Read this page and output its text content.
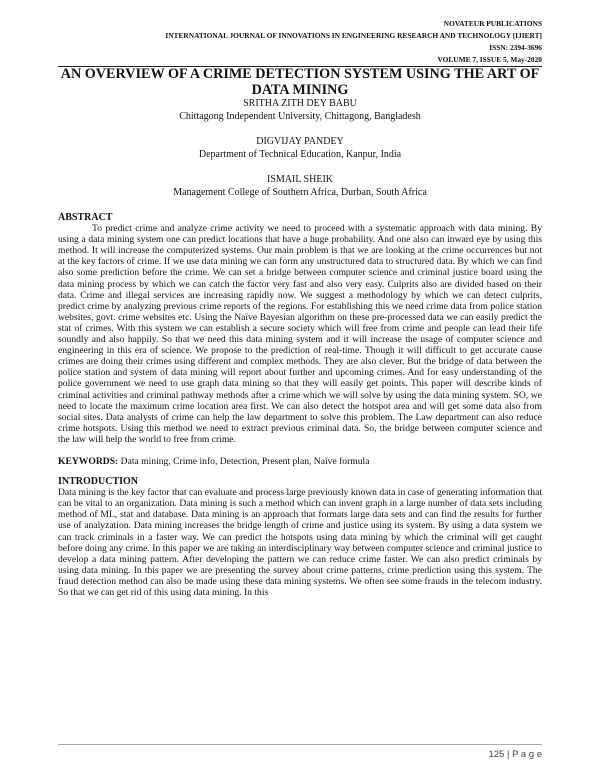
NOVATEUR PUBLICATIONS
INTERNATIONAL JOURNAL OF INNOVATIONS IN ENGINEERING RESEARCH AND TECHNOLOGY [IJIERT]
ISSN: 2394-3696
VOLUME 7, ISSUE 5, May-2020
AN OVERVIEW OF A CRIME DETECTION SYSTEM USING THE ART OF DATA MINING
SRITHA ZITH DEY BABU
Chittagong Independent University, Chittagong, Bangladesh
DIGVIJAY PANDEY
Department of Technical Education, Kanpur, India
ISMAIL SHEIK
Management College of Southern Africa, Durban, South Africa
ABSTRACT

To predict crime and analyze crime activity we need to proceed with a systematic approach with data mining. By using a data mining system one can predict locations that have a huge probability. And one also can inward eye by using this method. It will increase the computerized systems. Our main problem is that we are looking at the crime occurrences but not at the key factors of crime. If we use data mining we can form any unstructured data to structured data. By which we can find also some prediction before the crime. We can set a bridge between computer science and criminal justice board using the data mining process by which we can catch the factor very fast and also very easy. Culprits also are divided based on their data. Crime and illegal services are increasing rapidly now. We suggest a methodology by which we can detect culprits, predict crime by analyzing previous crime reports of the regions. For establishing this we need crime data from police station websites, govt. crime websites etc. Using the Naïve Bayesian algorithm on these pre-processed data we can easily predict the stat of crimes. With this system we can establish a secure society which will free from crime and people can lead their life soundly and also happily. So that we need this data mining system and it will increase the usage of computer science and engineering in this era of science. We propose to the prediction of real-time. Though it will difficult to get accurate cause crimes are doing their crimes using different and complex methods. They are also clever. But the bridge of data between the police station and system of data mining will report about further and upcoming crimes. And for easy understanding of the police government we need to use graph data mining so that they will easily get points. This paper will describe kinds of criminal activities and criminal pathway methods after a crime which we will solve by using the data mining system. SO, we need to locate the maximum crime location area first. We can also detect the hotspot area and will get some data also from social sites. Data analysts of crime can help the law department to solve this problem. The Law department can also reduce crime hotspots. Using this method we need to extract previous criminal data. So, the bridge between computer science and the law will help the world to free from crime.

KEYWORDS: Data mining, Crime info, Detection, Present plan, Naïve formula
INTRODUCTION

Data mining is the key factor that can evaluate and process large previously known data in case of generating information that can be vital to an organization. Data mining is such a method which can invent graph in a large number of data sets including method of ML, stat and database. Data mining is an approach that formats large data sets and can find the results for further use of analyzation. Data mining increases the bridge length of crime and justice using its system. By using a data system we can track criminals in a faster way. We can predict the hotspots using data mining by which the criminal will get caught before doing any crime. In this paper we are taking an interdisciplinary way between computer science and criminal justice to develop a data mining pattern. After developing the pattern we can reduce crime faster. We can also predict criminals by using data mining. In this paper we are presenting the survey about crime patterns, crime prediction using this system. The fraud detection method can also be made using these data mining systems. We often see some frauds in the telecom industry. So that we can get rid of this using data mining. In this

125 | P a g e
